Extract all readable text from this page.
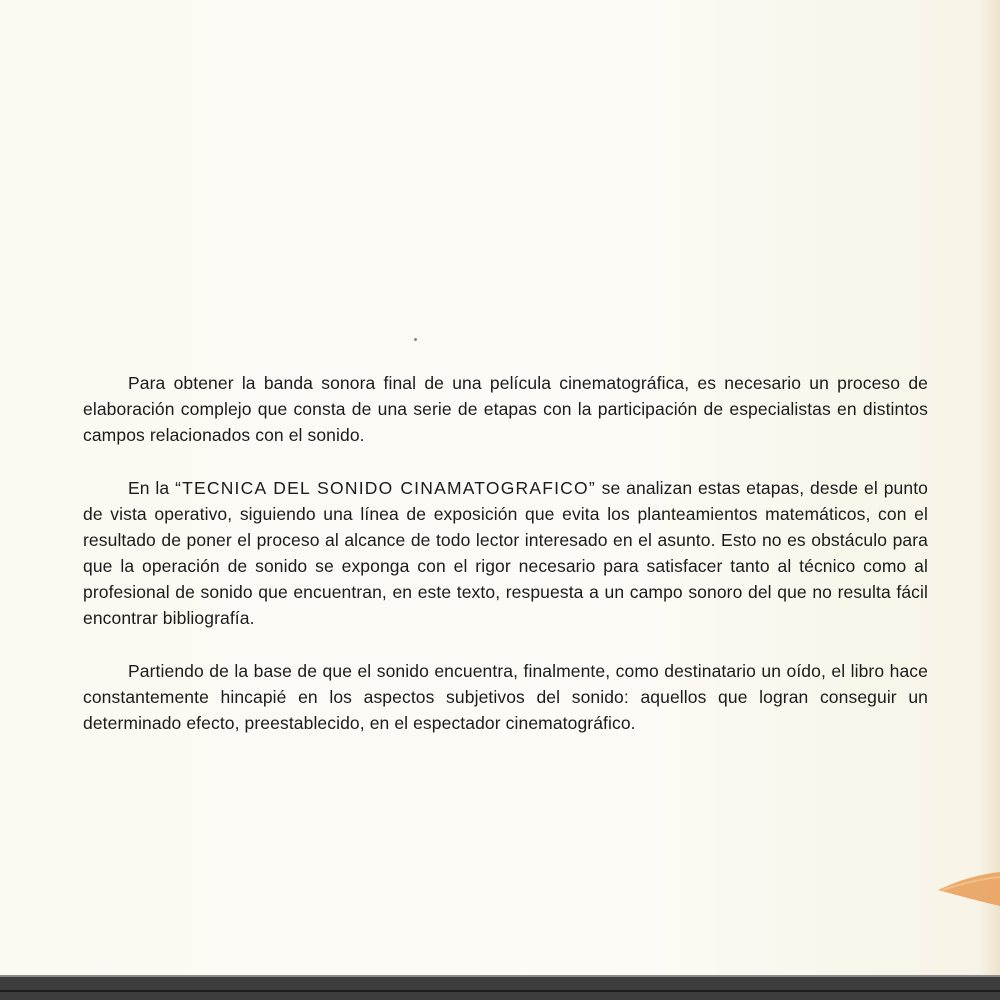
Para obtener la banda sonora final de una película cinematográfica, es necesario un proceso de elaboración complejo que consta de una serie de etapas con la participación de especialistas en distintos campos relacionados con el sonido.

En la “TECNICA DEL SONIDO CINAMATOGRAFICO” se analizan estas etapas, desde el punto de vista operativo, siguiendo una línea de exposición que evita los planteamientos matemáticos, con el resultado de poner el proceso al alcance de todo lector interesado en el asunto. Esto no es obstáculo para que la operación de sonido se exponga con el rigor necesario para satisfacer tanto al técnico como al profesional de sonido que encuentran, en este texto, respuesta a un campo sonoro del que no resulta fácil encontrar bibliografía.

Partiendo de la base de que el sonido encuentra, finalmente, como destinatario un oído, el libro hace constantemente hincapié en los aspectos subjetivos del sonido: aquellos que logran conseguir un determinado efecto, preestablecido, en el espectador cinematográfico.
